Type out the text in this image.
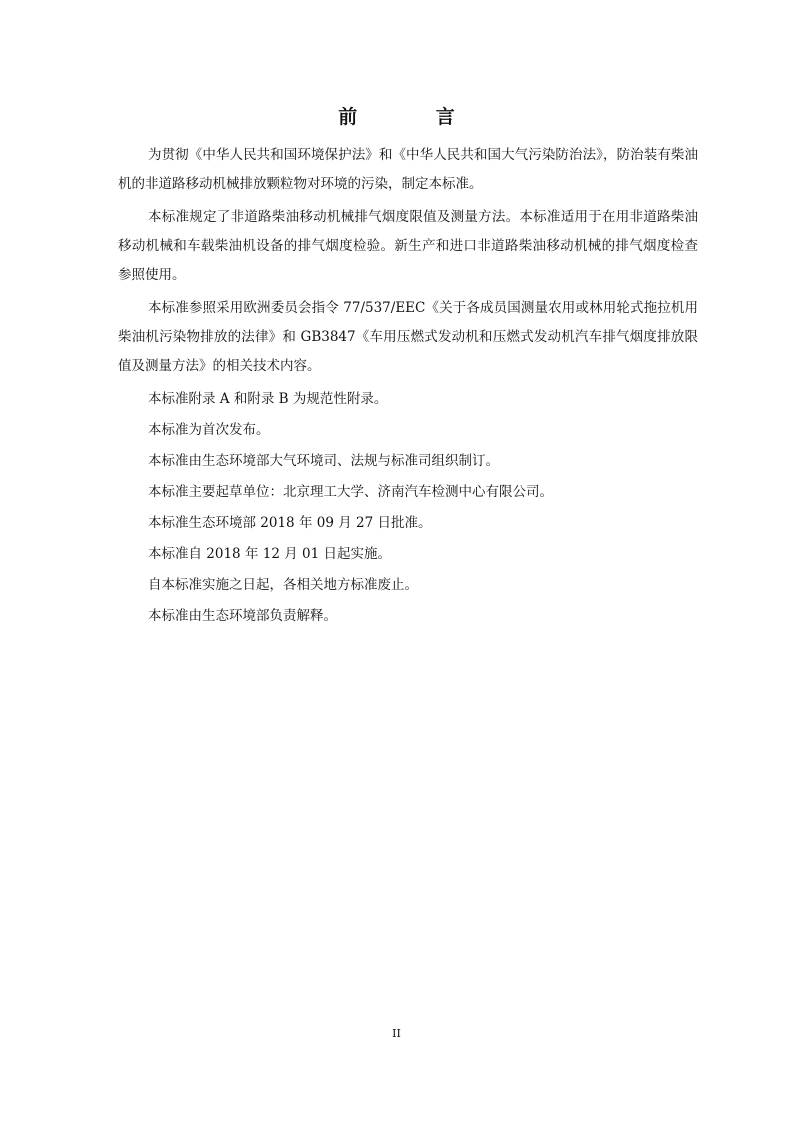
前 言

为贯彻《中华人民共和国环境保护法》和《中华人民共和国大气污染防治法》，防治装有柴油机的非道路移动机械排放颗粒物对环境的污染，制定本标准。

本标准规定了非道路柴油移动机械排气烟度限值及测量方法。本标准适用于在用非道路柴油移动机械和车载柴油机设备的排气烟度检验。新生产和进口非道路柴油移动机械的排气烟度检查参照使用。

本标准参照采用欧洲委员会指令 77/537/EEC《关于各成员国测量农用或林用轮式拖拉机用柴油机污染物排放的法律》和 GB3847《车用压燃式发动机和压燃式发动机汽车排气烟度排放限值及测量方法》的相关技术内容。

本标准附录 A 和附录 B 为规范性附录。

本标准为首次发布。

本标准由生态环境部大气环境司、法规与标准司组织制订。

本标准主要起草单位：北京理工大学、济南汽车检测中心有限公司。

本标准生态环境部 2018 年 09 月 27 日批准。

本标准自 2018 年 12 月 01 日起实施。

自本标准实施之日起，各相关地方标准废止。

本标准由生态环境部负责解释。

II
